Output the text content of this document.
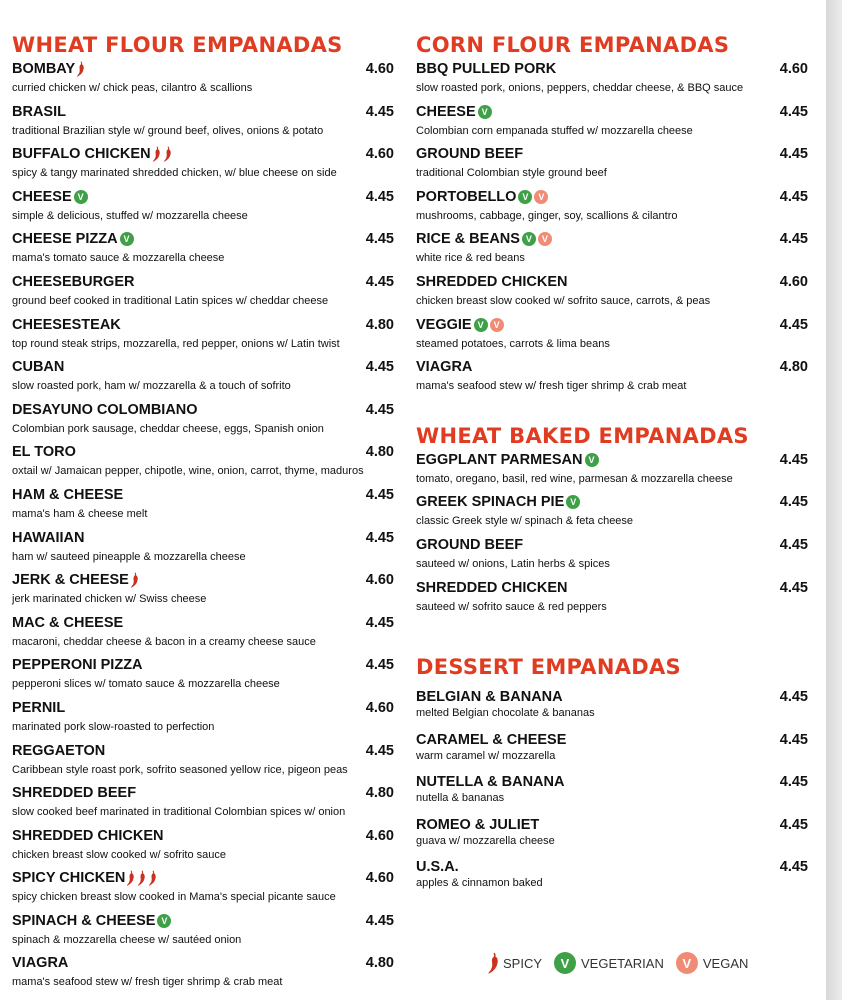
WHEAT FLOUR EMPANADAS
BOMBAY	4.60
curried chicken w/ chick peas, cilantro & scallions
BRASIL	4.45
traditional Brazilian style w/ ground beef, olives, onions & potato
BUFFALO CHICKEN	4.60
spicy & tangy marinated shredded chicken, w/ blue cheese on side
CHEESE V	4.45
simple & delicious, stuffed w/ mozzarella cheese
CHEESE PIZZA V	4.45
mama's tomato sauce & mozzarella cheese
CHEESEBURGER	4.45
ground beef cooked in traditional Latin spices w/ cheddar cheese
CHEESESTEAK	4.80
top round steak strips, mozzarella, red pepper, onions w/ Latin twist
CUBAN	4.45
slow roasted pork, ham w/ mozzarella & a touch of sofrito
DESAYUNO COLOMBIANO	4.45
Colombian pork sausage, cheddar cheese, eggs, Spanish onion
EL TORO	4.80
oxtail w/ Jamaican pepper, chipotle, wine, onion, carrot, thyme, maduros
HAM & CHEESE	4.45
mama's ham & cheese melt
HAWAIIAN	4.45
ham w/ sauteed pineapple & mozzarella cheese
JERK & CHEESE	4.60
jerk marinated chicken w/ Swiss cheese
MAC & CHEESE	4.45
macaroni, cheddar cheese & bacon in a creamy cheese sauce
PEPPERONI PIZZA	4.45
pepperoni slices w/ tomato sauce & mozzarella cheese
PERNIL	4.60
marinated pork slow-roasted to perfection
REGGAETON	4.45
Caribbean style roast pork, sofrito seasoned yellow rice, pigeon peas
SHREDDED BEEF	4.80
slow cooked beef marinated in traditional Colombian spices w/ onion
SHREDDED CHICKEN	4.60
chicken breast slow cooked w/ sofrito sauce
SPICY CHICKEN	4.60
spicy chicken breast slow cooked in Mama's special picante sauce
SPINACH & CHEESE V	4.45
spinach & mozzarella cheese w/ sautéed onion
VIAGRA	4.80
mama's seafood stew w/ fresh tiger shrimp & crab meat
CORN FLOUR EMPANADAS
BBQ PULLED PORK	4.60
slow roasted pork, onions, peppers, cheddar cheese, & BBQ sauce
CHEESE V	4.45
Colombian corn empanada stuffed w/ mozzarella cheese
GROUND BEEF	4.45
traditional Colombian style ground beef
PORTOBELLO V	V	4.45
mushrooms, cabbage, ginger, soy, scallions & cilantro
RICE & BEANS V	V	4.45
white rice & red beans
SHREDDED CHICKEN	4.60
chicken breast slow cooked w/ sofrito sauce, carrots, & peas
VEGGIE V	V	4.45
steamed potatoes, carrots & lima beans
VIAGRA	4.80
mama's seafood stew w/ fresh tiger shrimp & crab meat
WHEAT BAKED EMPANADAS
EGGPLANT PARMESAN V	4.45
tomato, oregano, basil, red wine, parmesan & mozzarella cheese
GREEK SPINACH PIE V	4.45
classic Greek style w/ spinach & feta cheese
GROUND BEEF	4.45
sauteed w/ onions, Latin herbs & spices
SHREDDED CHICKEN	4.45
sauteed w/ sofrito sauce & red peppers
DESSERT EMPANADAS
BELGIAN & BANANA	4.45
melted Belgian chocolate & bananas
CARAMEL & CHEESE	4.45
warm caramel w/ mozzarella
NUTELLA & BANANA	4.45
nutella & bananas
ROMEO & JULIET	4.45
guava w/ mozzarella cheese
U.S.A.	4.45
apples & cinnamon baked
SPICY	V VEGETARIAN	V VEGAN
